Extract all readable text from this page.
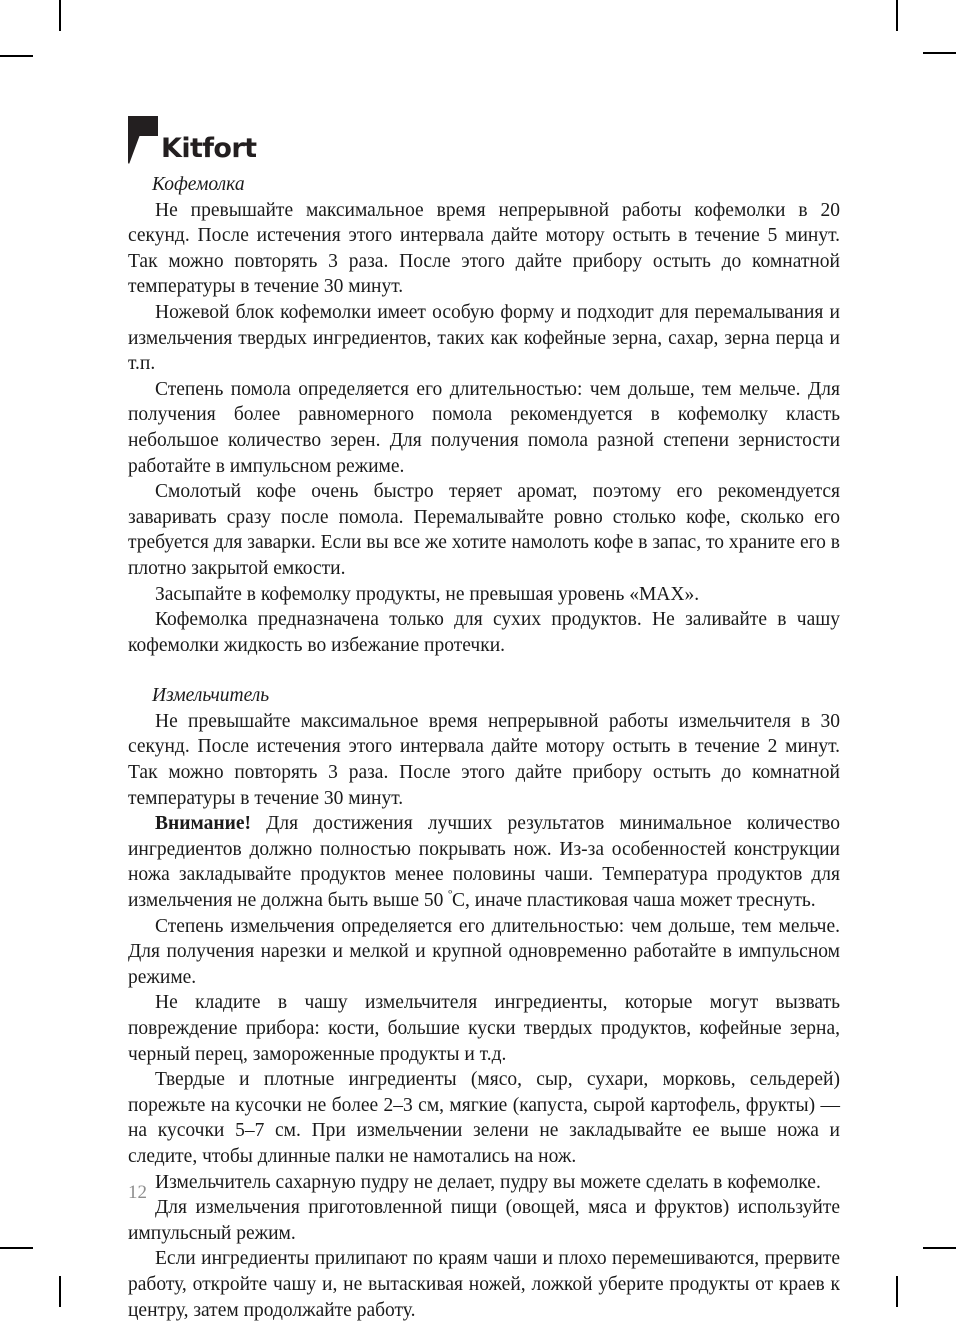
Kitfort
Кофемолка

Не превышайте максимальное время непрерывной работы кофемолки в 20 секунд. После истечения этого интервала дайте мотору остыть в течение 5 минут. Так можно повторять 3 раза. После этого дайте прибору остыть до комнатной температуры в течение 30 минут.

Ножевой блок кофемолки имеет особую форму и подходит для перемалывания и измельчения твердых ингредиентов, таких как кофейные зерна, сахар, зерна перца и т.п.

Степень помола определяется его длительностью: чем дольше, тем мельче. Для получения более равномерного помола рекомендуется в кофемолку класть небольшое количество зерен. Для получения помола разной степени зернистости работайте в импульсном режиме.

Смолотый кофе очень быстро теряет аромат, поэтому его рекомендуется заваривать сразу после помола. Перемалывайте ровно столько кофе, сколько его требуется для заварки. Если вы все же хотите намолоть кофе в запас, то храните его в плотно закрытой емкости.

Засыпайте в кофемолку продукты, не превышая уровень «MAX».

Кофемолка предназначена только для сухих продуктов. Не заливайте в чашу кофемолки жидкость во избежание протечки.

Измельчитель

Не превышайте максимальное время непрерывной работы измельчителя в 30 секунд. После истечения этого интервала дайте мотору остыть в течение 2 минут. Так можно повторять 3 раза. После этого дайте прибору остыть до комнатной температуры в течение 30 минут.

Внимание! Для достижения лучших результатов минимальное количество ингредиентов должно полностью покрывать нож. Из-за особенностей конструкции ножа закладывайте продуктов менее половины чаши. Температура продуктов для измельчения не должна быть выше 50 $^º$C, иначе пластиковая чаша может треснуть.

Степень измельчения определяется его длительностью: чем дольше, тем мельче. Для получения нарезки и мелкой и крупной одновременно работайте в импульсном режиме.

Не кладите в чашу измельчителя ингредиенты, которые могут вызвать повреждение прибора: кости, большие куски твердых продуктов, кофейные зерна, черный перец, замороженные продукты и т.д.

Твердые и плотные ингредиенты (мясо, сыр, сухари, морковь, сельдерей) порежьте на кусочки не более 2–3 см, мягкие (капуста, сырой картофель, фрукты) — на кусочки 5–7 см. При измельчении зелени не закладывайте ее выше ножа и следите, чтобы длинные палки не намотались на нож.

Измельчитель сахарную пудру не делает, пудру вы можете сделать в кофемолке.

Для измельчения приготовленной пищи (овощей, мяса и фруктов) используйте импульсный режим.

Если ингредиенты прилипают по краям чаши и плохо перемешиваются, прервите работу, откройте чашу и, не вытаскивая ножей, ложкой уберите продукты от краев к центру, затем продолжайте работу.

12
